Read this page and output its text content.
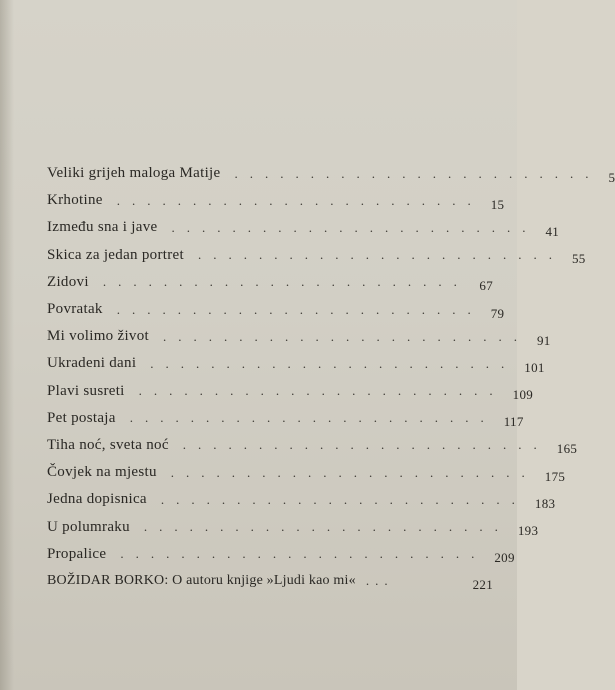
Veliki grijeh maloga Matije ........................ 5
Krhotine ........................ 15
Između sna i jave ........................ 41
Skica za jedan portret ........................ 55
Zidovi ........................ 67
Povratak ........................ 79
Mi volimo život ........................ 91
Ukradeni dani ........................ 101
Plavi susreti ........................ 109
Pet postaja ........................ 117
Tiha noć, sveta noć ........................ 165
Čovjek na mjestu ........................ 175
Jedna dopisnica ........................ 183
U polumraku ........................ 193
Propalice ........................ 209
BOŽIDAR BORKO: O autoru knjige »Ljudi kao mi« ...	221
